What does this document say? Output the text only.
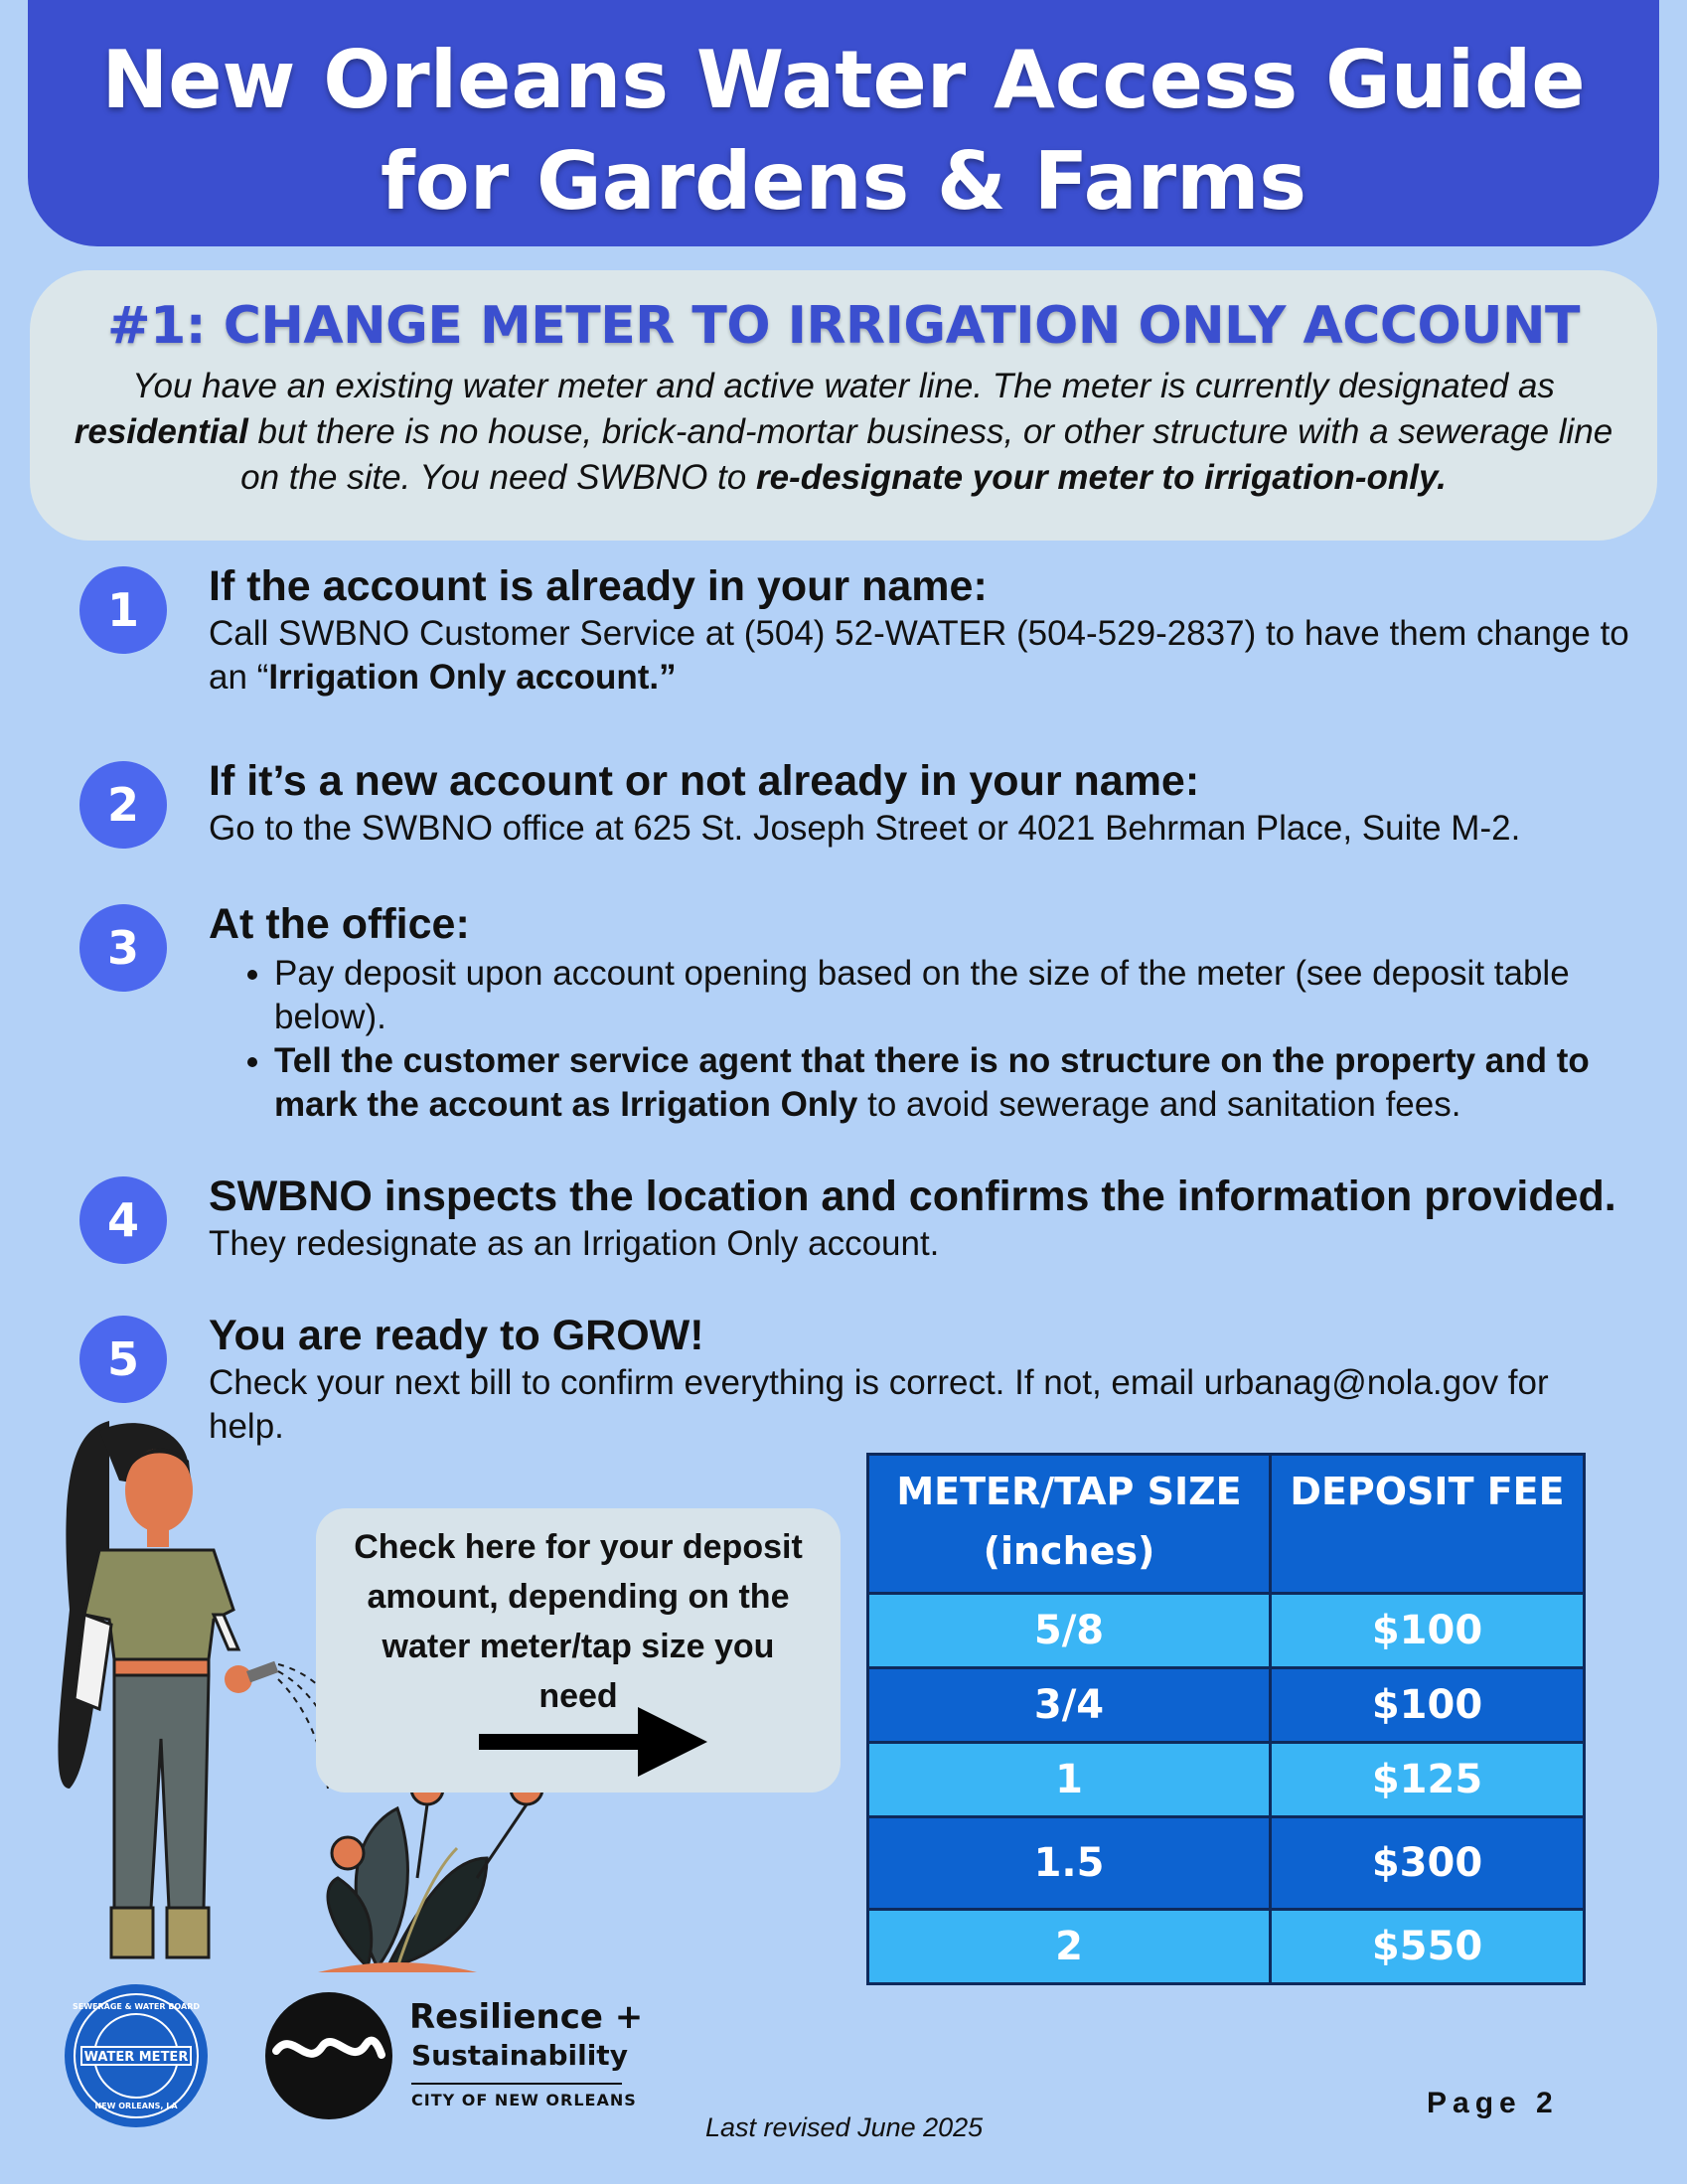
New Orleans Water Access Guide
for Gardens & Farms
#1: CHANGE METER TO IRRIGATION ONLY ACCOUNT
You have an existing water meter and active water line. The meter is currently designated as
residential but there is no house, brick-and-mortar business, or other structure with a sewerage line on the site. You need SWBNO to re-designate your meter to irrigation-only.
1	If the account is already in your name:
Call SWBNO Customer Service at (504) 52-WATER (504-529-2837) to have them change to an “Irrigation Only account.”
2	If it’s a new account or not already in your name:
Go to the SWBNO office at 625 St. Joseph Street or 4021 Behrman Place, Suite M-2.
3	At the office:
• Pay deposit upon account opening based on the size of the meter (see deposit table below).
• Tell the customer service agent that there is no structure on the property and to mark the account as Irrigation Only to avoid sewerage and sanitation fees.
4	SWBNO inspects the location and confirms the information provided.
They redesignate as an Irrigation Only account.
5	You are ready to GROW!
Check your next bill to confirm everything is correct. If not, email urbanag@nola.gov for help.
Check here for your deposit amount, depending on the water meter/tap size you need
METER/TAP SIZE (inches)	DEPOSIT FEE
5/8	$100
3/4	$100
1	$125
1.5	$300
2	$550
WATER METER
SEWERAGE & WATER BOARD
NEW ORLEANS, LA
Resilience +
Sustainability
CITY OF NEW ORLEANS
Last revised June 2025
Page 2
